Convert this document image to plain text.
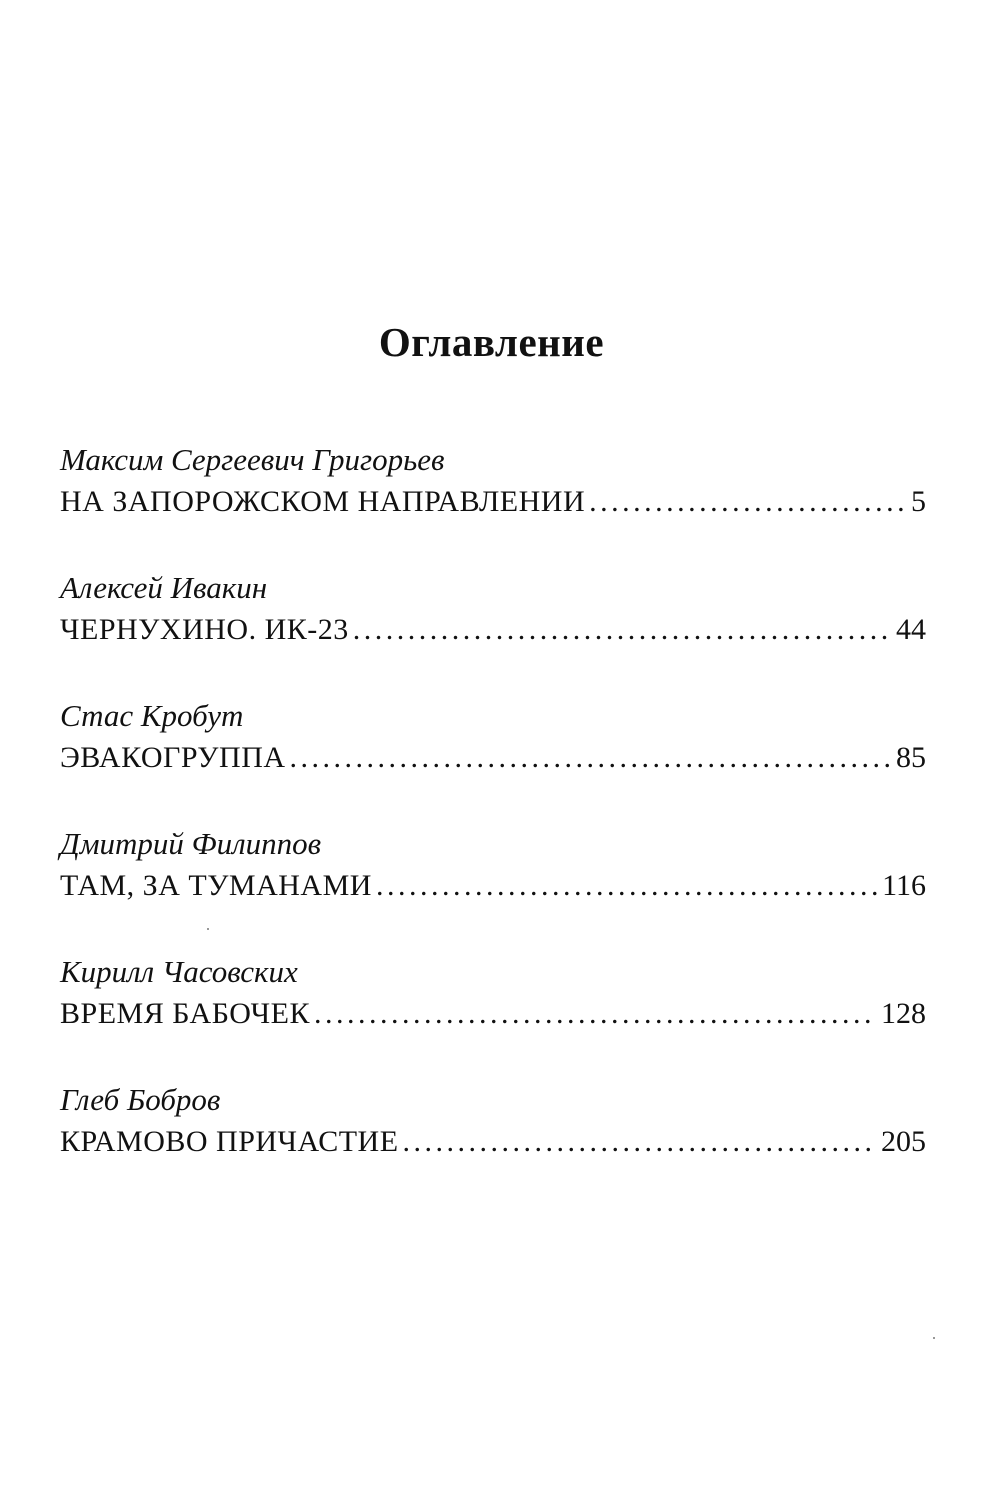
Оглавление
Максим Сергеевич Григорьев
НА ЗАПОРОЖСКОМ НАПРАВЛЕНИИ . . .	5
Алексей Ивакин
ЧЕРНУХИНО. ИК-23 . . .	44
Стас Кробут
ЭВАКОГРУППА . . .	85
Дмитрий Филиппов
ТАМ, ЗА ТУМАНАМИ . . .	116
Кирилл Часовских
ВРЕМЯ БАБОЧЕК . . .	128
Глеб Бобров
КРАМОВО ПРИЧАСТИЕ . . .	205
